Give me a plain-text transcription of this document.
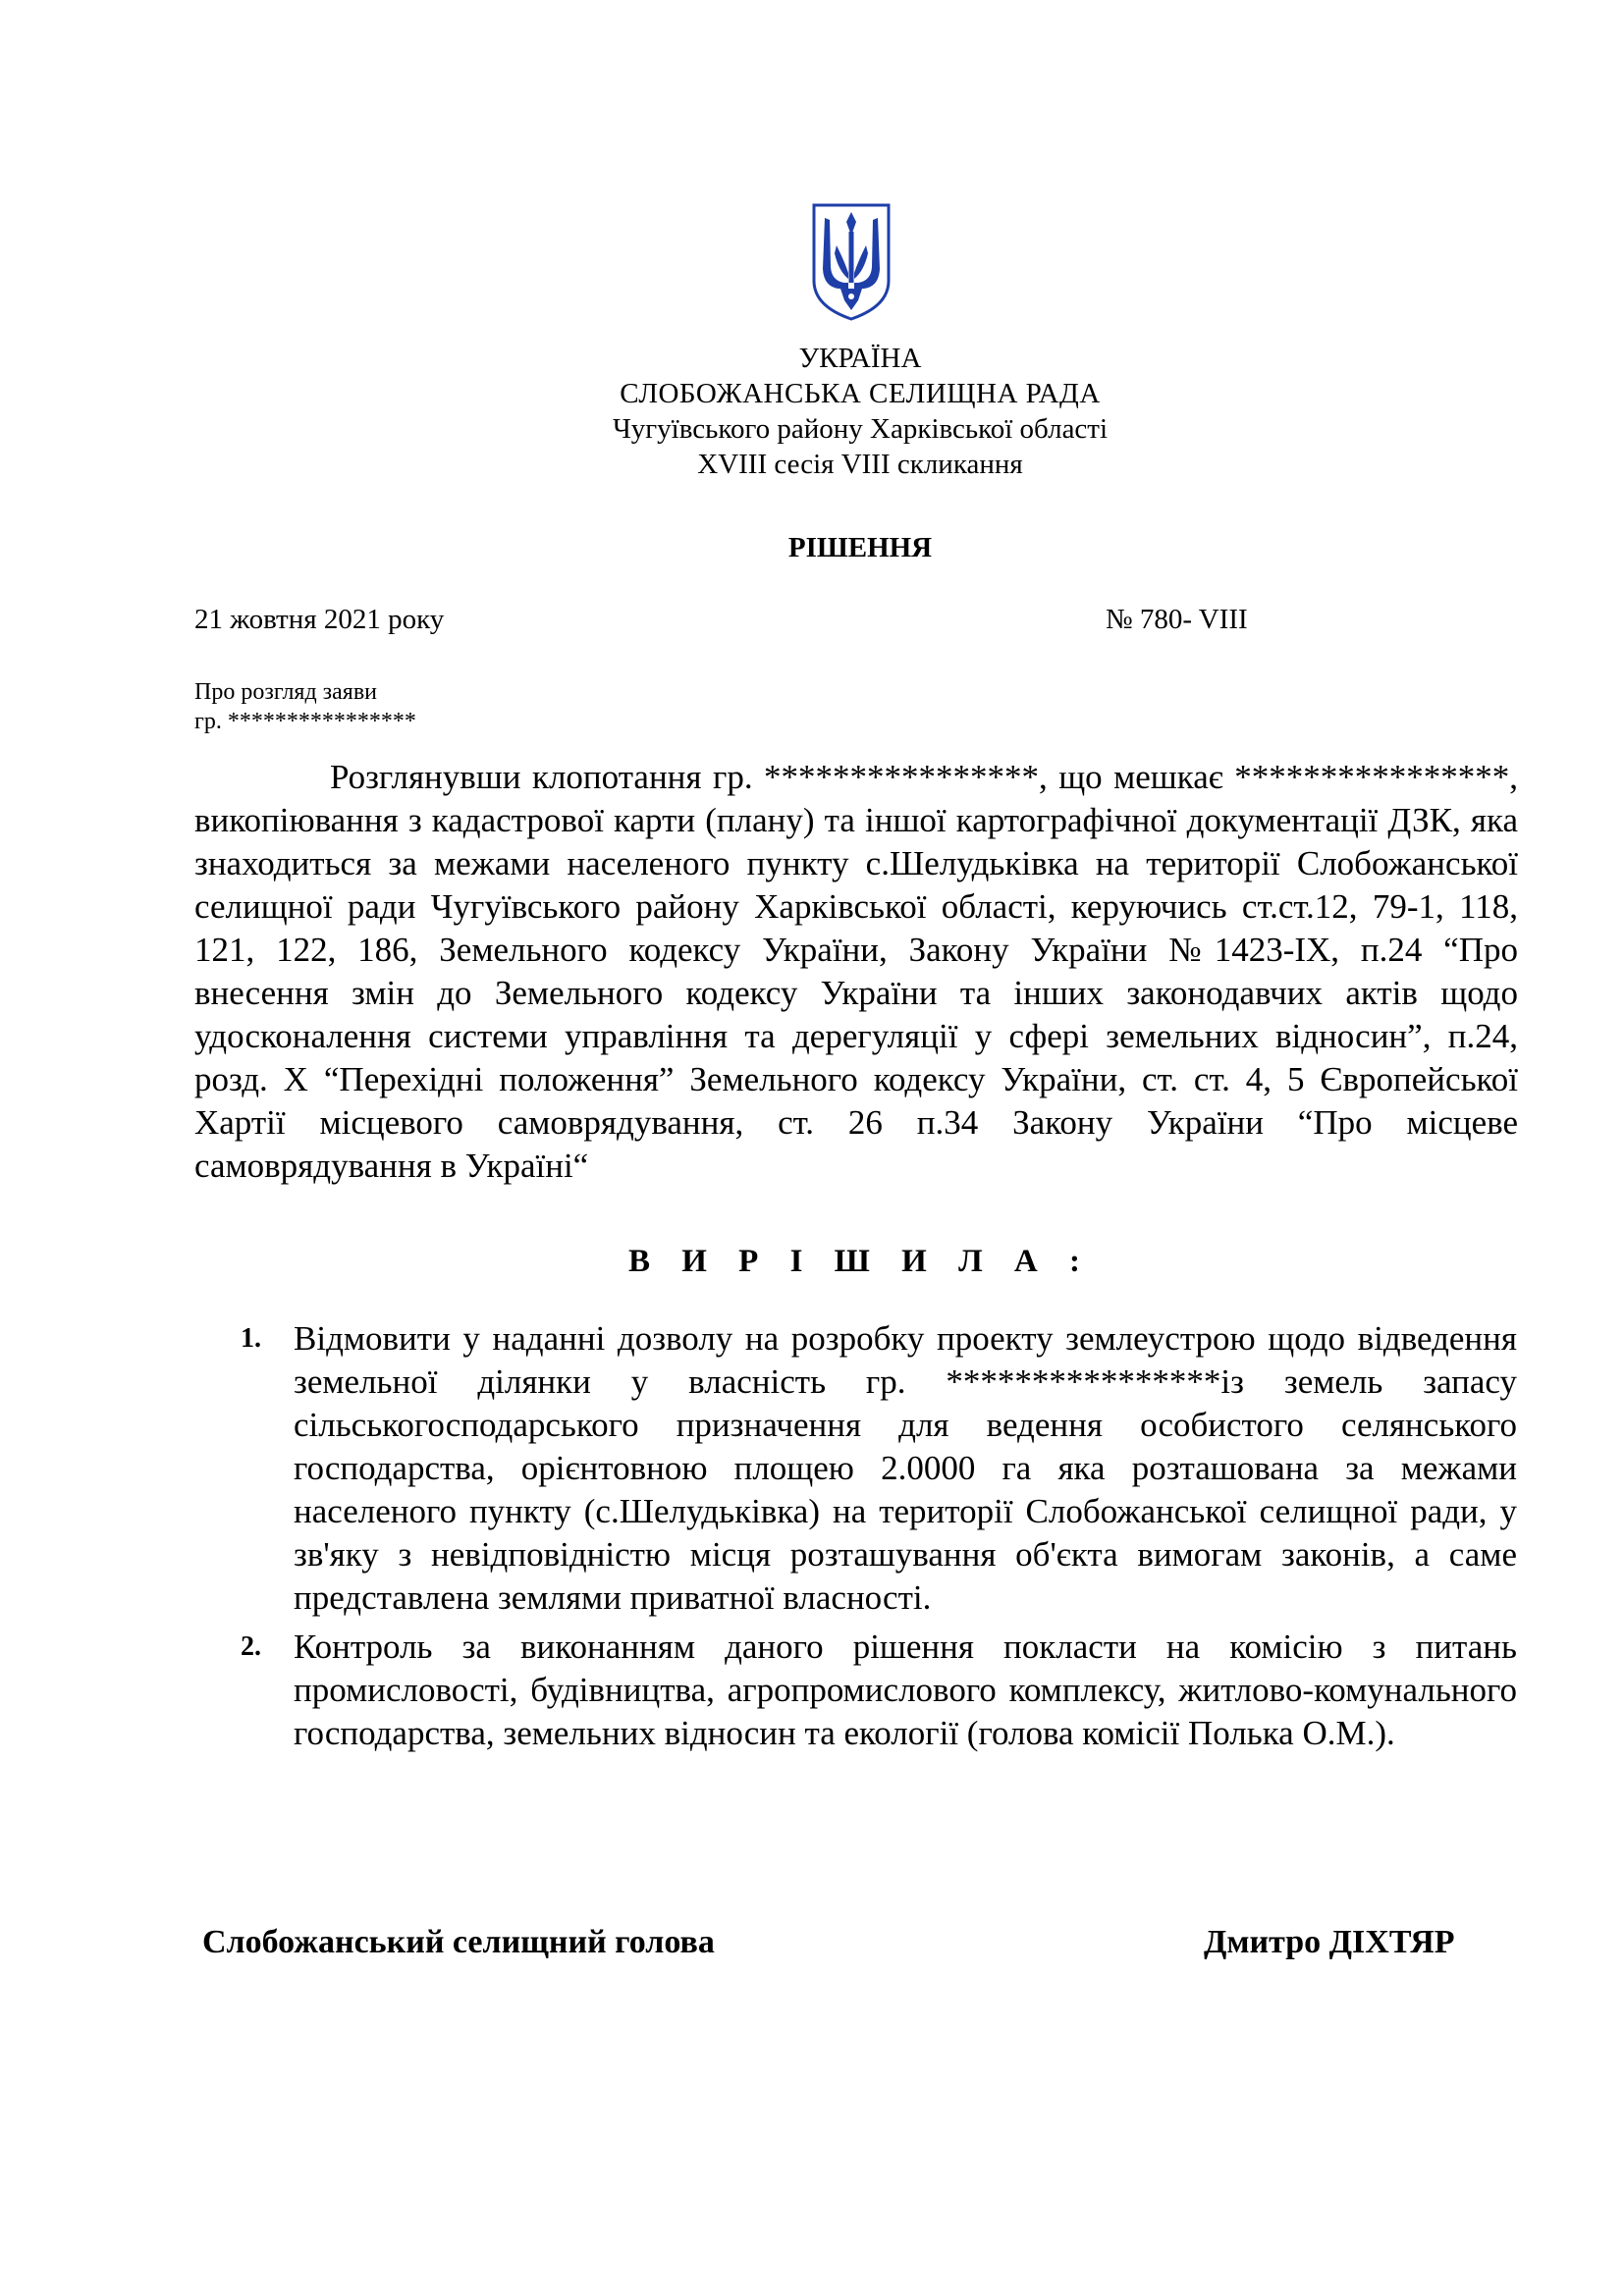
УКРАЇНА
СЛОБОЖАНСЬКА СЕЛИЩНА РАДА
Чугуївського району Харківської області
XVIII сесія VIII скликання
РІШЕННЯ
21 жовтня 2021 року	№ 780- VIII
Про розгляд заяви
гр. ****************

Розглянувши клопотання гр. ****************, що мешкає ****************, викопіювання з кадастрової карти (плану) та іншої картографічної документації ДЗК, яка знаходиться за межами населеного пункту с.Шелудьківка на території Слобожанської селищної ради Чугуївського району Харківської області, керуючись ст.ст.12, 79-1, 118, 121, 122, 186, Земельного кодексу України, Закону України №1423-IX, п.24 “Про внесення змін до Земельного кодексу України та інших законодавчих актів щодо удосконалення системи управління та дерегуляції у сфері земельних відносин”, п.24, розд. X “Перехідні положення” Земельного кодексу України, ст. ст. 4, 5 Європейської Хартії місцевого самоврядування, ст. 26 п.34 Закону України “Про місцеве самоврядування в Україні“

В И Р І Ш И Л А :
1. Відмовити у наданні дозволу на розробку проекту землеустрою щодо відведення земельної ділянки у власність гр. ****************із земель запасу сільськогосподарського призначення для ведення особистого селянського господарства, орієнтовною площею 2.0000 га яка розташована за межами населеного пункту (с.Шелудьківка) на території Слобожанської селищної ради, у зв'яку з невідповідністю місця розташування об'єкта вимогам законів, а саме представлена землями приватної власності.
2. Контроль за виконанням даного рішення покласти на комісію з питань промисловості, будівництва, агропромислового комплексу, житлово-комунального господарства, земельних відносин та екології (голова комісії Полька О.М.).
Слобожанський селищний голова	Дмитро ДІХТЯР
